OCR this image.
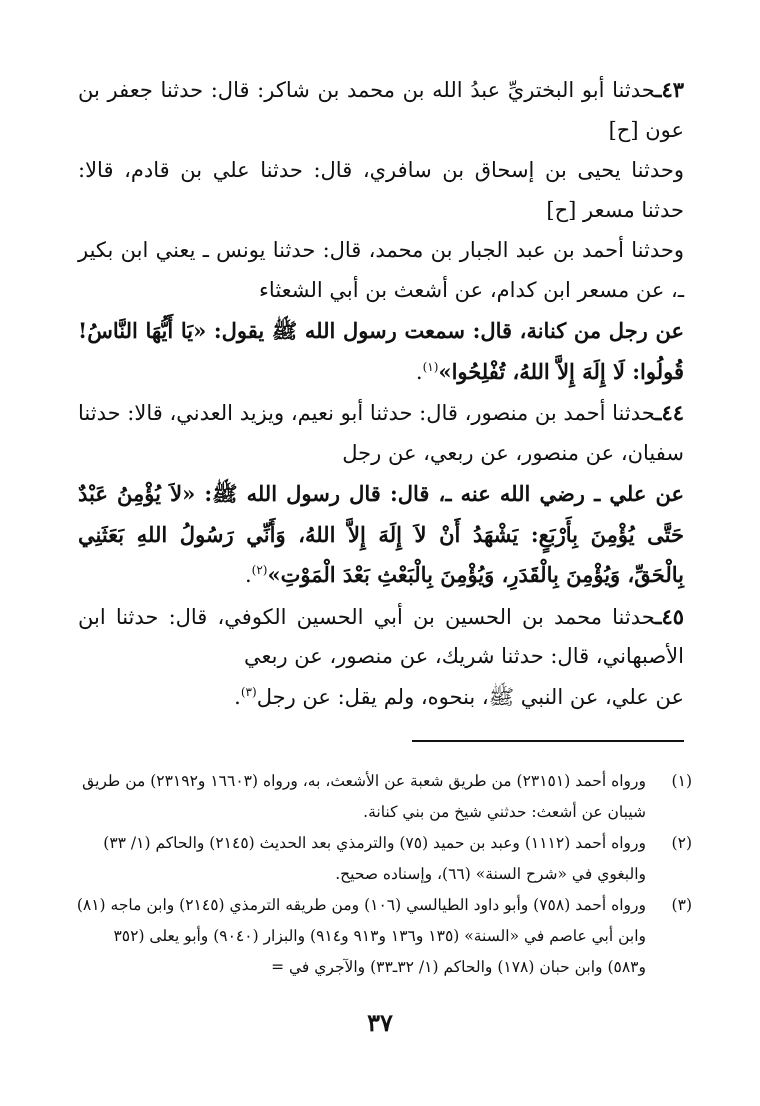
٤٣ـحدثنا أبو البختريِّ عبدُ الله بن محمد بن شاكر: قال: حدثنا جعفر بن عون [ح]

وحدثنا يحيى بن إسحاق بن سافري، قال: حدثنا علي بن قادم، قالا: حدثنا مسعر [ح]

وحدثنا أحمد بن عبد الجبار بن محمد، قال: حدثنا يونس ـ يعني ابن بكير ـ، عن مسعر ابن كدام، عن أشعث بن أبي الشعثاء

عن رجل من كنانة، قال: سمعت رسول الله ﷺ يقول: «يَا أَيُّهَا النَّاسُ! قُولُوا: لَا إِلَهَ إِلاَّ اللهُ، تُفْلِحُوا»$^{(١)}$.

٤٤ـحدثنا أحمد بن منصور، قال: حدثنا أبو نعيم، ويزيد العدني، قالا: حدثنا سفيان، عن منصور، عن ربعي، عن رجل

عن علي ـ رضي الله عنه ـ، قال: قال رسول الله ﷺ: «لاَ يُؤْمِنُ عَبْدٌ حَتَّى يُؤْمِنَ بِأَرْبَعٍ: يَشْهَدُ أَنْ لاَ إِلَهَ إِلاَّ اللهُ، وَأَنِّي رَسُولُ اللهِ بَعَثَنِي بِالْحَقِّ، وَيُؤْمِنَ بِالْقَدَرِ، وَيُؤْمِنَ بِالْبَعْثِ بَعْدَ الْمَوْتِ»$^{(٢)}$.

٤٥ـحدثنا محمد بن الحسين بن أبي الحسين الكوفي، قال: حدثنا ابن الأصبهاني، قال: حدثنا شريك، عن منصور، عن ربعي

عن علي، عن النبي ﷺ، بنحوه، ولم يقل: عن رجل$^{(٣)}$.

(١)
ورواه أحمد (٢٣١٥١) من طريق شعبة عن الأشعث، به، ورواه (١٦٦٠٣ و٢٣١٩٢) من طريق شيبان عن أشعث: حدثني شيخ من بني كنانة.
(٢)
ورواه أحمد (١١١٢) وعبد بن حميد (٧٥) والترمذي بعد الحديث (٢١٤٥) والحاكم (١/ ٣٣) والبغوي في «شرح السنة» (٦٦)، وإسناده صحيح.
(٣)
ورواه أحمد (٧٥٨) وأبو داود الطيالسي (١٠٦) ومن طريقه الترمذي (٢١٤٥) وابن ماجه (٨١) وابن أبي عاصم في «السنة» (١٣٥ و١٣٦ و٩١٣ و٩١٤) والبزار (٩٠٤٠) وأبو يعلى (٣٥٢ و٥٨٣) وابن حبان (١٧٨) والحاكم (١/ ٣٢ـ٣٣) والآجري في =
٣٧
